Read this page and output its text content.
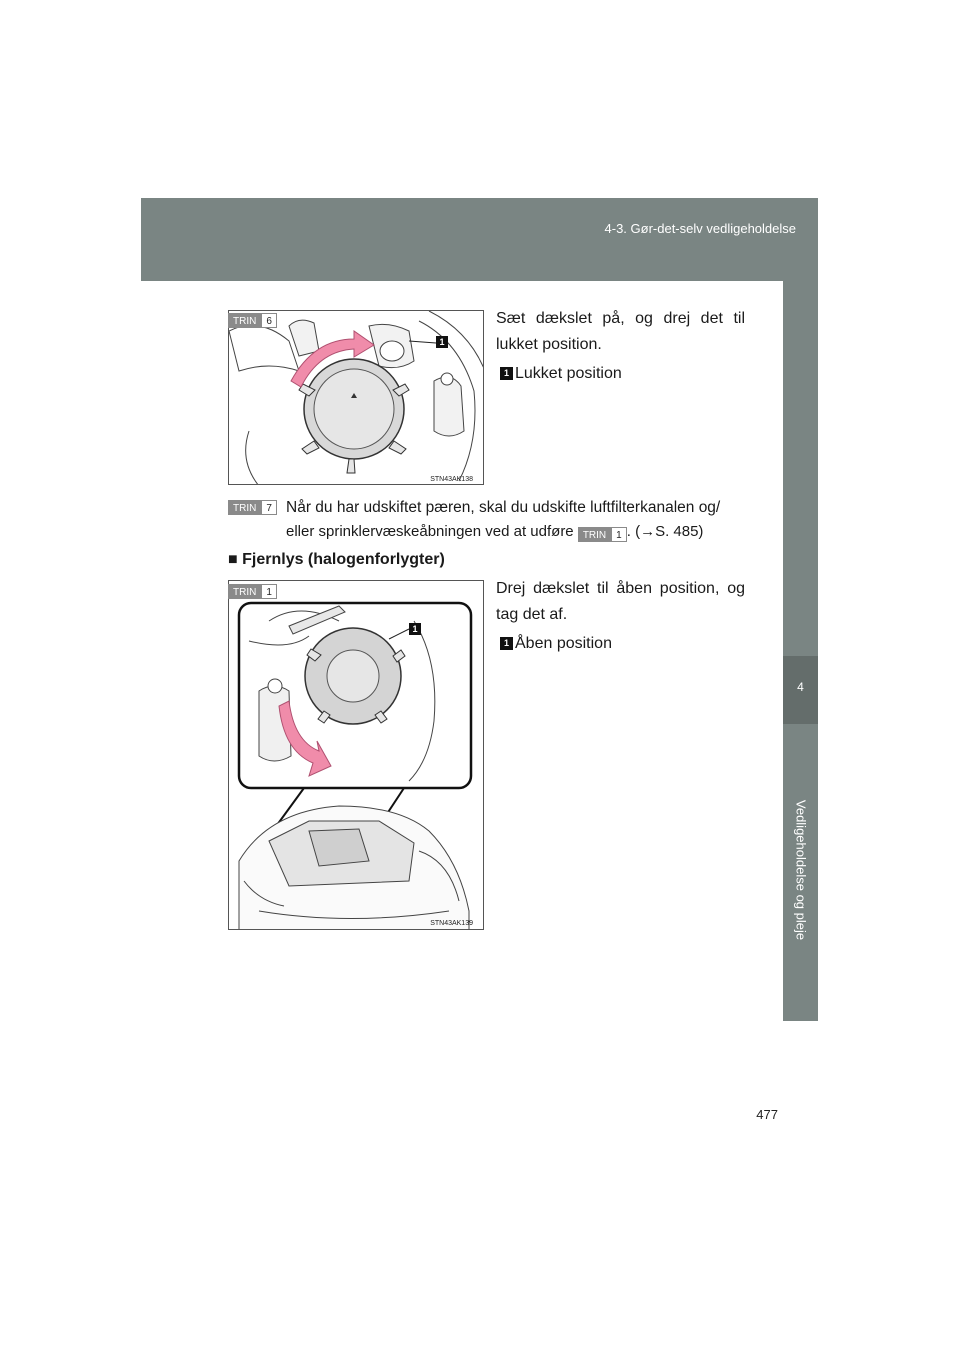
4-3. Gør-det-selv vedligeholdelse
4
Vedligeholdelse og pleje
1
STN43AK138
TRIN	6	Sæt dækslet på, og drej det til lukket position.
1 Lukket position
TRIN	7 Når du har udskiftet pæren, skal du udskifte luftfilterkanalen og/
eller sprinklervæskeåbningen ved at udføre TRIN	1 . (→S. 485)
■ Fjernlys (halogenforlygter)
1
STN43AK139
TRIN	1	Drej dækslet til åben position, og tag det af.
1 Åben position
477
